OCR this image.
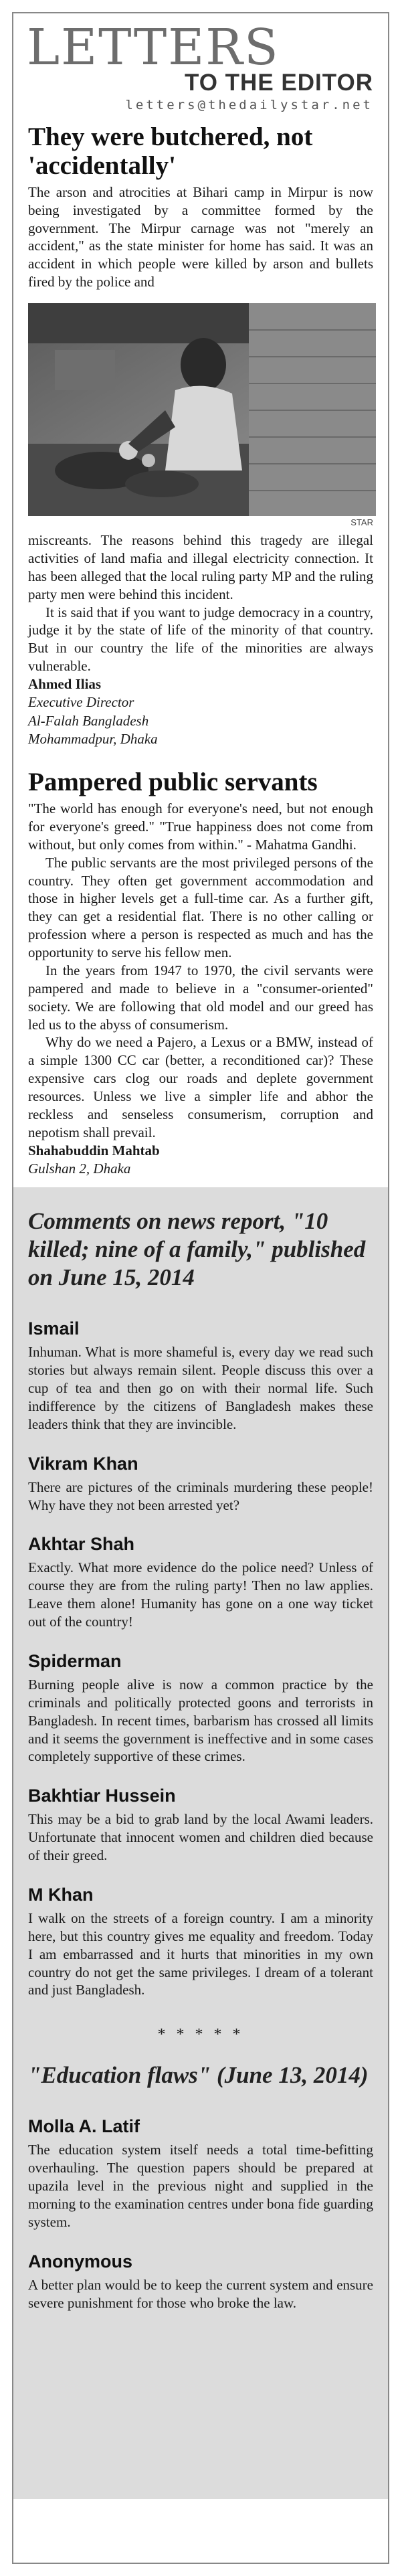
LETTERS
TO THE EDITOR
letters@thedailystar.net
They were butchered, not 'accidentally'

The arson and atrocities at Bihari camp in Mirpur is now being investigated by a committee formed by the government. The Mirpur carnage was not "merely an accident," as the state minister for home has said. It was an accident in which people were killed by arson and bullets fired by the police and

STAR

miscreants. The reasons behind this tragedy are illegal activities of land mafia and illegal electricity connection. It has been alleged that the local ruling party MP and the ruling party men were behind this incident.

It is said that if you want to judge democracy in a country, judge it by the state of life of the minority of that country. But in our country the life of the minorities are always vulnerable.

Ahmed Ilias

Executive Director

Al-Falah Bangladesh

Mohammadpur, Dhaka

Pampered public servants

"The world has enough for everyone's need, but not enough for everyone's greed." "True happiness does not come from without, but only comes from within." - Mahatma Gandhi.

The public servants are the most privileged persons of the country. They often get government accommodation and those in higher levels get a full-time car. As a further gift, they can get a residential flat. There is no other calling or profession where a person is respected as much and has the opportunity to serve his fellow men.

In the years from 1947 to 1970, the civil servants were pampered and made to believe in a "consumer-oriented" society. We are following that old model and our greed has led us to the abyss of consumerism.

Why do we need a Pajero, a Lexus or a BMW, instead of a simple 1300 CC car (better, a reconditioned car)? These expensive cars clog our roads and deplete government resources. Unless we live a simpler life and abhor the reckless and senseless consumerism, corruption and nepotism shall prevail.

Shahabuddin Mahtab

Gulshan 2, Dhaka

Comments on news report, "10 killed; nine of a family," published on June 15, 2014
Ismail

Inhuman. What is more shameful is, every day we read such stories but always remain silent. People discuss this over a cup of tea and then go on with their normal life. Such indifference by the citizens of Bangladesh makes these leaders think that they are invincible.

Vikram Khan

There are pictures of the criminals murdering these people! Why have they not been arrested yet?

Akhtar Shah

Exactly. What more evidence do the police need? Unless of course they are from the ruling party! Then no law applies. Leave them alone! Humanity has gone on a one way ticket out of the country!

Spiderman

Burning people alive is now a common practice by the criminals and politically protected goons and terrorists in Bangladesh. In recent times, barbarism has crossed all limits and it seems the government is ineffective and in some cases completely supportive of these crimes.

Bakhtiar Hussein

This may be a bid to grab land by the local Awami leaders. Unfortunate that innocent women and children died because of their greed.

M Khan

I walk on the streets of a foreign country. I am a minority here, but this country gives me equality and freedom. Today I am embarrassed and it hurts that minorities in my own country do not get the same privileges. I dream of a tolerant and just Bangladesh.

* * * * *
"Education flaws" (June 13, 2014)
Molla A. Latif

The education system itself needs a total time-befitting overhauling. The question papers should be prepared at upazila level in the previous night and supplied in the morning to the examination centres under bona fide guarding system.

Anonymous

A better plan would be to keep the current system and ensure severe punishment for those who broke the law.
